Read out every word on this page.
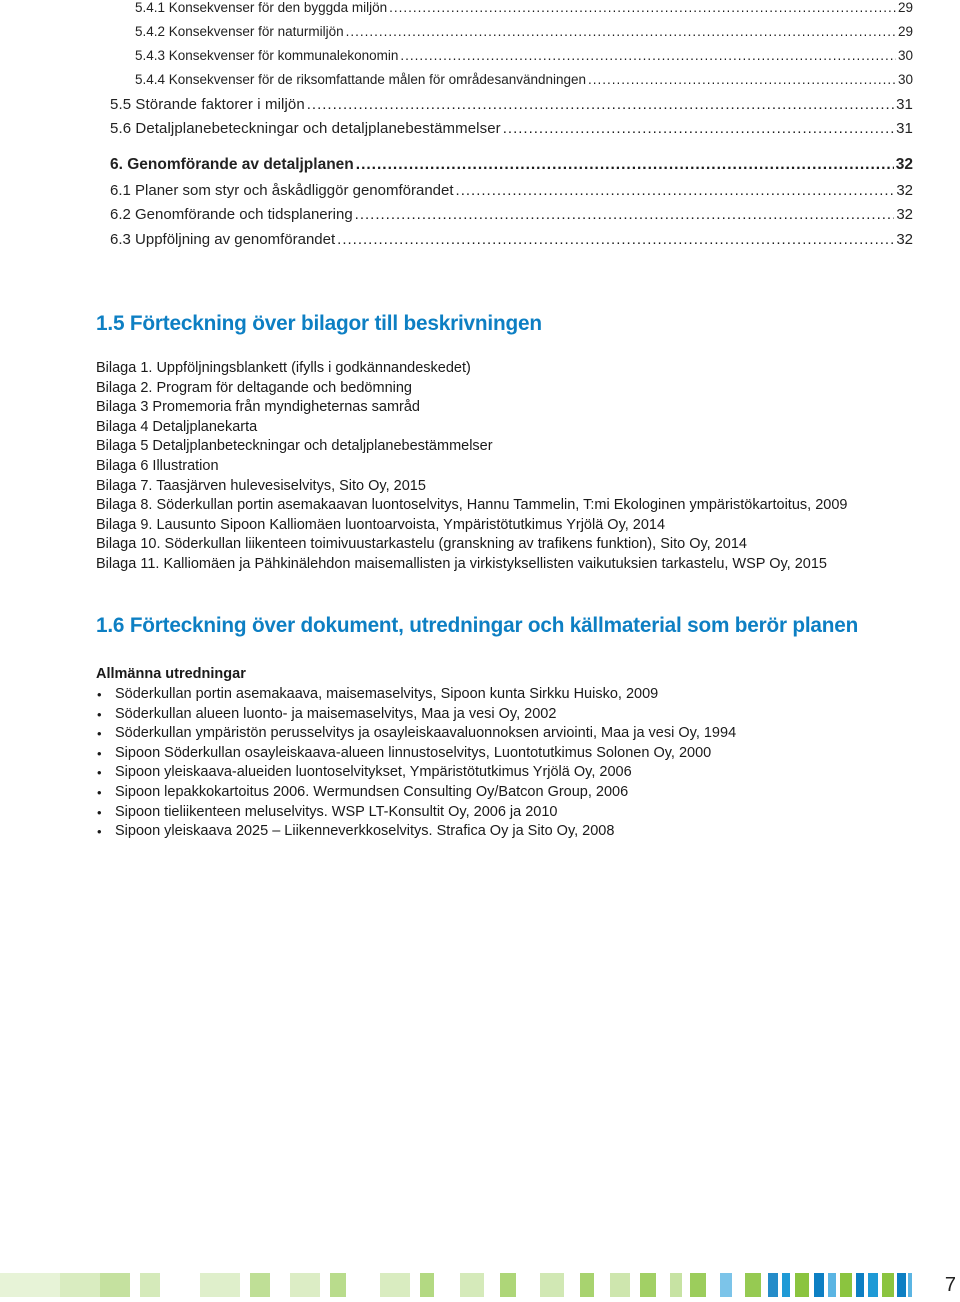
5.4.1 Konsekvenser för den byggda miljön .....	29
5.4.2 Konsekvenser för naturmiljön .....	29
5.4.3 Konsekvenser för kommunalekonomin .....	30
5.4.4 Konsekvenser för de riksomfattande målen för områdesanvändningen .....	30
5.5 Störande faktorer i miljön .....	31
5.6 Detaljplanebeteckningar och detaljplanebestämmelser .....	31
6. Genomförande av detaljplanen .....	32
6.1 Planer som styr och åskådliggör genomförandet .....	32
6.2 Genomförande och tidsplanering .....	32
6.3 Uppföljning av genomförandet .....	32
1.5 Förteckning över bilagor till beskrivningen
Bilaga 1. Uppföljningsblankett (ifylls i godkännandeskedet)
Bilaga 2. Program för deltagande och bedömning
Bilaga 3 Promemoria från myndigheternas samråd
Bilaga 4 Detaljplanekarta
Bilaga 5 Detaljplanbeteckningar och detaljplanebestämmelser
Bilaga 6 Illustration
Bilaga 7. Taasjärven hulevesiselvitys, Sito Oy, 2015
Bilaga 8. Söderkullan portin asemakaavan luontoselvitys, Hannu Tammelin, T:mi Ekologinen ympäristökartoitus, 2009
Bilaga 9. Lausunto Sipoon Kalliomäen luontoarvoista, Ympäristötutkimus Yrjölä Oy, 2014
Bilaga 10. Söderkullan liikenteen toimivuustarkastelu (granskning av trafikens funktion), Sito Oy, 2014
Bilaga 11. Kalliomäen ja Pähkinälehdon maisemallisten ja virkistyksellisten vaikutuksien tarkastelu, WSP Oy, 2015
1.6 Förteckning över dokument, utredningar och källmaterial som berör planen
Allmänna utredningar
• Söderkullan portin asemakaava, maisemaselvitys, Sipoon kunta Sirkku Huisko, 2009
• Söderkullan alueen luonto- ja maisemaselvitys, Maa ja vesi Oy, 2002
• Söderkullan ympäristön perusselvitys ja osayleiskaavaluonnoksen arviointi, Maa ja vesi Oy, 1994
• Sipoon Söderkullan osayleiskaava-alueen linnustoselvitys, Luontotutkimus Solonen Oy, 2000
• Sipoon yleiskaava-alueiden luontoselvitykset, Ympäristötutkimus Yrjölä Oy, 2006
• Sipoon lepakkokartoitus 2006. Wermundsen Consulting Oy/Batcon Group, 2006
• Sipoon tieliikenteen meluselvitys. WSP LT-Konsultit Oy, 2006 ja 2010
• Sipoon yleiskaava 2025 – Liikenneverkkoselvitys. Strafica Oy ja Sito Oy, 2008
7
